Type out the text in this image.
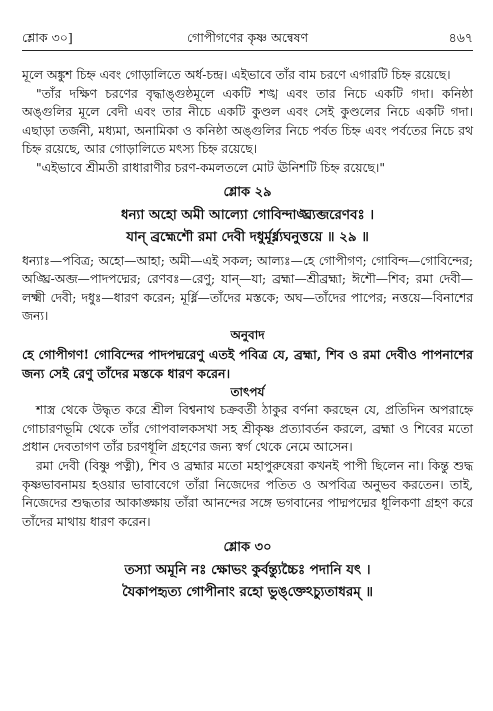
শ্লোক ৩০]	গোপীগণের কৃষ্ণ অন্বেষণ	৪৬৭

মূলে অঙ্কুশ চিহ্ন এবং গোড়ালিতে অর্ধ-চন্দ্র। এইভাবে তাঁর বাম চরণে এগারটি চিহ্ন রয়েছে।

"তাঁর দক্ষিণ চরণের বৃদ্ধাঙ্গুষ্ঠমূলে একটি শঙ্খ এবং তার নিচে একটি গদা। কনিষ্ঠা অঙ্গুলির মূলে বেদী এবং তার নীচে একটি কুণ্ডল এবং সেই কুণ্ডলের নিচে একটি গদা। এছাড়া তর্জনী, মধ্যমা, অনামিকা ও কনিষ্ঠা অঙ্গুলির নিচে পর্বত চিহ্ন এবং পর্বতের নিচে রথ চিহ্ন রয়েছে, আর গোড়ালিতে মৎস্য চিহ্ন রয়েছে।

"এইভাবে শ্রীমতী রাধারাণীর চরণ-কমলতলে মোট ঊনিশটি চিহ্ন রয়েছে।"

শ্লোক ২৯

ধন্যা অহো অমী আল্যো গোবিন্দাঙ্ঘ্র্যব্জরেণবঃ ।

যান্ ব্রহ্মেশৌ রমা দেবী দধুর্মূর্ধ্ন্যঘনুত্তয়ে ॥ ২৯ ॥

ধন্যাঃ—পবিত্র; অহো—আহা; অমী—এই সকল; আল্যঃ—হে গোপীগণ; গোবিন্দ—গোবিন্দের; অঙ্ঘ্রি-অব্জ—পাদপদ্মের; রেণবঃ—রেণু; যান্—যা; ব্রহ্মা—শ্রীব্রহ্মা; ঈশৌ—শিব; রমা দেবী—লক্ষ্মী দেবী; দধুঃ—ধারণ করেন; মূর্ধ্নি—তাঁদের মস্তকে; অঘ—তাঁদের পাপের; নত্তয়ে—বিনাশের জন্য।

অনুবাদ

হে গোপীগণ! গোবিন্দের পাদপদ্মরেণু এতই পবিত্র যে, ব্রহ্মা, শিব ও রমা দেবীও পাপনাশের জন্য সেই রেণু তাঁদের মস্তকে ধারণ করেন।

তাৎপর্য

শাস্ত্র থেকে উদ্ধৃত করে শ্রীল বিশ্বনাথ চক্রবর্তী ঠাকুর বর্ণনা করছেন যে, প্রতিদিন অপরাহ্নে গোচারণভূমি থেকে তাঁর গোপবালকসখা সহ শ্রীকৃষ্ণ প্রত্যাবর্তন করলে, ব্রহ্মা ও শিবের মতো প্রধান দেবতাগণ তাঁর চরণধূলি গ্রহণের জন্য স্বর্গ থেকে নেমে আসেন।

রমা দেবী (বিষ্ণু পত্নী), শিব ও ব্রহ্মার মতো মহাপুরুষেরা কখনই পাপী ছিলেন না। কিন্তু শুদ্ধ কৃষ্ণভাবনাময় হওয়ার ভাবাবেগে তাঁরা নিজেদের পতিত ও অপবিত্র অনুভব করতেন। তাই, নিজেদের শুদ্ধতার আকাঙ্ক্ষায় তাঁরা আনন্দের সঙ্গে ভগবানের পাদ্মপদ্মের ধূলিকণা গ্রহণ করে তাঁদের মাথায় ধারণ করেন।

শ্লোক ৩০

তস্যা অমূনি নঃ ক্ষোভং কুর্বন্ত্যুচ্চৈঃ পদানি যৎ ।

যৈকাপহৃত্য গোপীনাং রহো ভুঙ্‌ক্তেঽচ্যুতাধরম্ ॥
